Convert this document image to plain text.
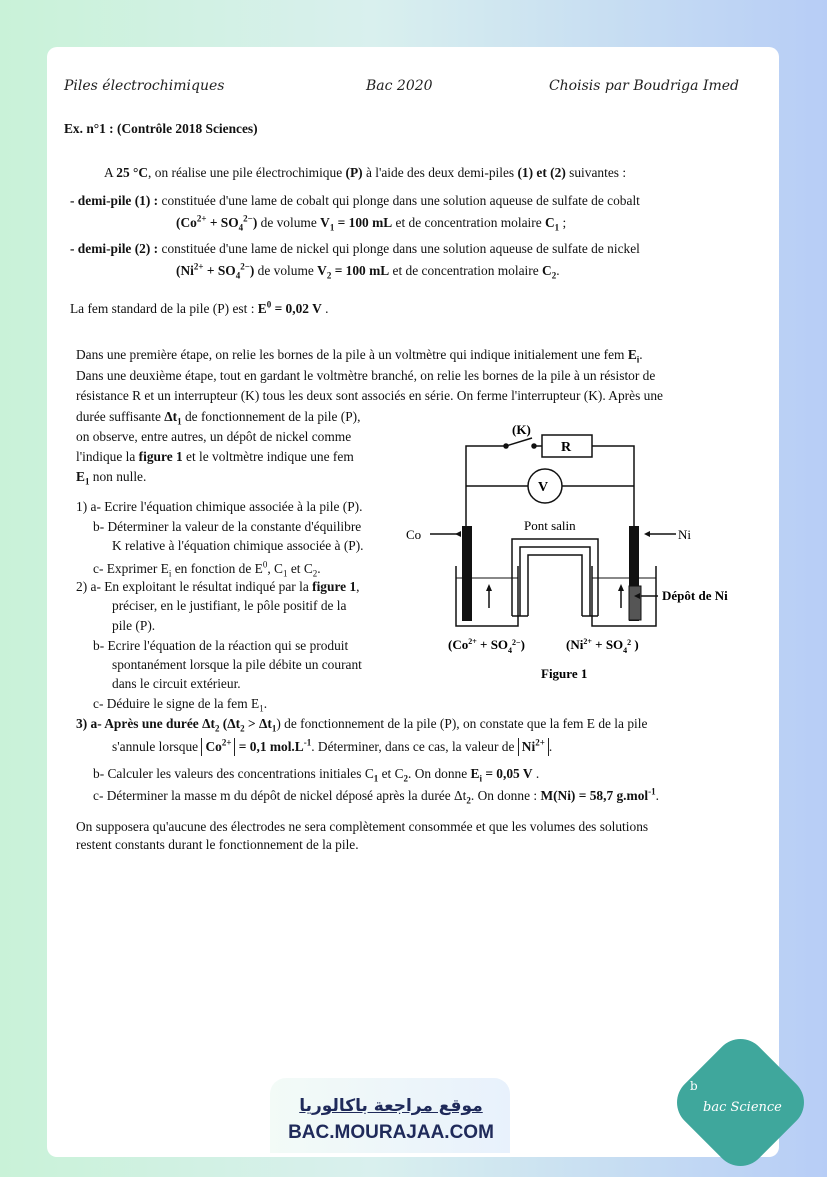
Piles électrochimiques	Bac 2020	Choisis par Boudriga Imed
Ex. n°1 : (Contrôle 2018 Sciences)
A 25 °C, on réalise une pile électrochimique (P) à l'aide des deux demi-piles (1) et (2) suivantes :
- demi-pile (1) : constituée d'une lame de cobalt qui plonge dans une solution aqueuse de sulfate de cobalt
$(Co^{2+} + SO_4^{2-})$ de volume $V_1 = 100$ mL et de concentration molaire $C_1$ ;
- demi-pile (2) : constituée d'une lame de nickel qui plonge dans une solution aqueuse de sulfate de nickel
$(Ni^{2+} + SO_4^{2-})$ de volume $V_2 = 100$ mL et de concentration molaire $C_2$.
La fem standard de la pile (P) est : $E^0 = 0,02$ V .
Dans une première étape, on relie les bornes de la pile à un voltmètre qui indique initialement une fem $E_i$.
Dans une deuxième étape, tout en gardant le voltmètre branché, on relie les bornes de la pile à un résistor de
résistance R et un interrupteur (K) tous les deux sont associés en série. On ferme l'interrupteur (K). Après une
durée suffisante $\Delta t_1$ de fonctionnement de la pile (P),
on observe, entre autres, un dépôt de nickel comme
l'indique la figure 1 et le voltmètre indique une fem
$E_1$ non nulle.
1) a- Ecrire l'équation chimique associée à la pile (P).
b- Déterminer la valeur de la constante d'équilibre
K relative à l'équation chimique associée à (P).
c- Exprimer $E_i$ en fonction de $E^0$, $C_1$ et $C_2$.
2) a- En exploitant le résultat indiqué par la figure 1,
préciser, en le justifiant, le pôle positif de la
pile (P).
b- Ecrire l'équation de la réaction qui se produit
spontanément lorsque la pile débite un courant
dans le circuit extérieur.
c- Déduire le signe de la fem $E_1$.
3) a- Après une durée $\Delta t_2$ $(\Delta t_2 > \Delta t_1)$ de fonctionnement de la pile (P), on constate que la fem E de la pile
s'annule lorsque $Co^{2+} = 0,1$ $mol.L^{-1}$. Déterminer, dans ce cas, la valeur de $Ni^{2+}$ .
b- Calculer les valeurs des concentrations initiales $C_1$ et $C_2$. On donne $E_i = 0,05$ V .
c- Déterminer la masse m du dépôt de nickel déposé après la durée $\Delta t_2$. On donne : M(Ni) = 58,7 g.mol$^{-1}$.
On supposera qu'aucune des électrodes ne sera complètement consommée et que les volumes des solutions
restent constants durant le fonctionnement de la pile.
(K)
R
V
Pont salin
Co	Ni
Dépôt de Ni
$(Co^{2+} + SO_4^{2-})$	($Ni^{2+} + SO_4^2$ )
Figure 1
موقع مراجعة باكالوريا
BAC.MOURAJAA.COM
b
bac Science
